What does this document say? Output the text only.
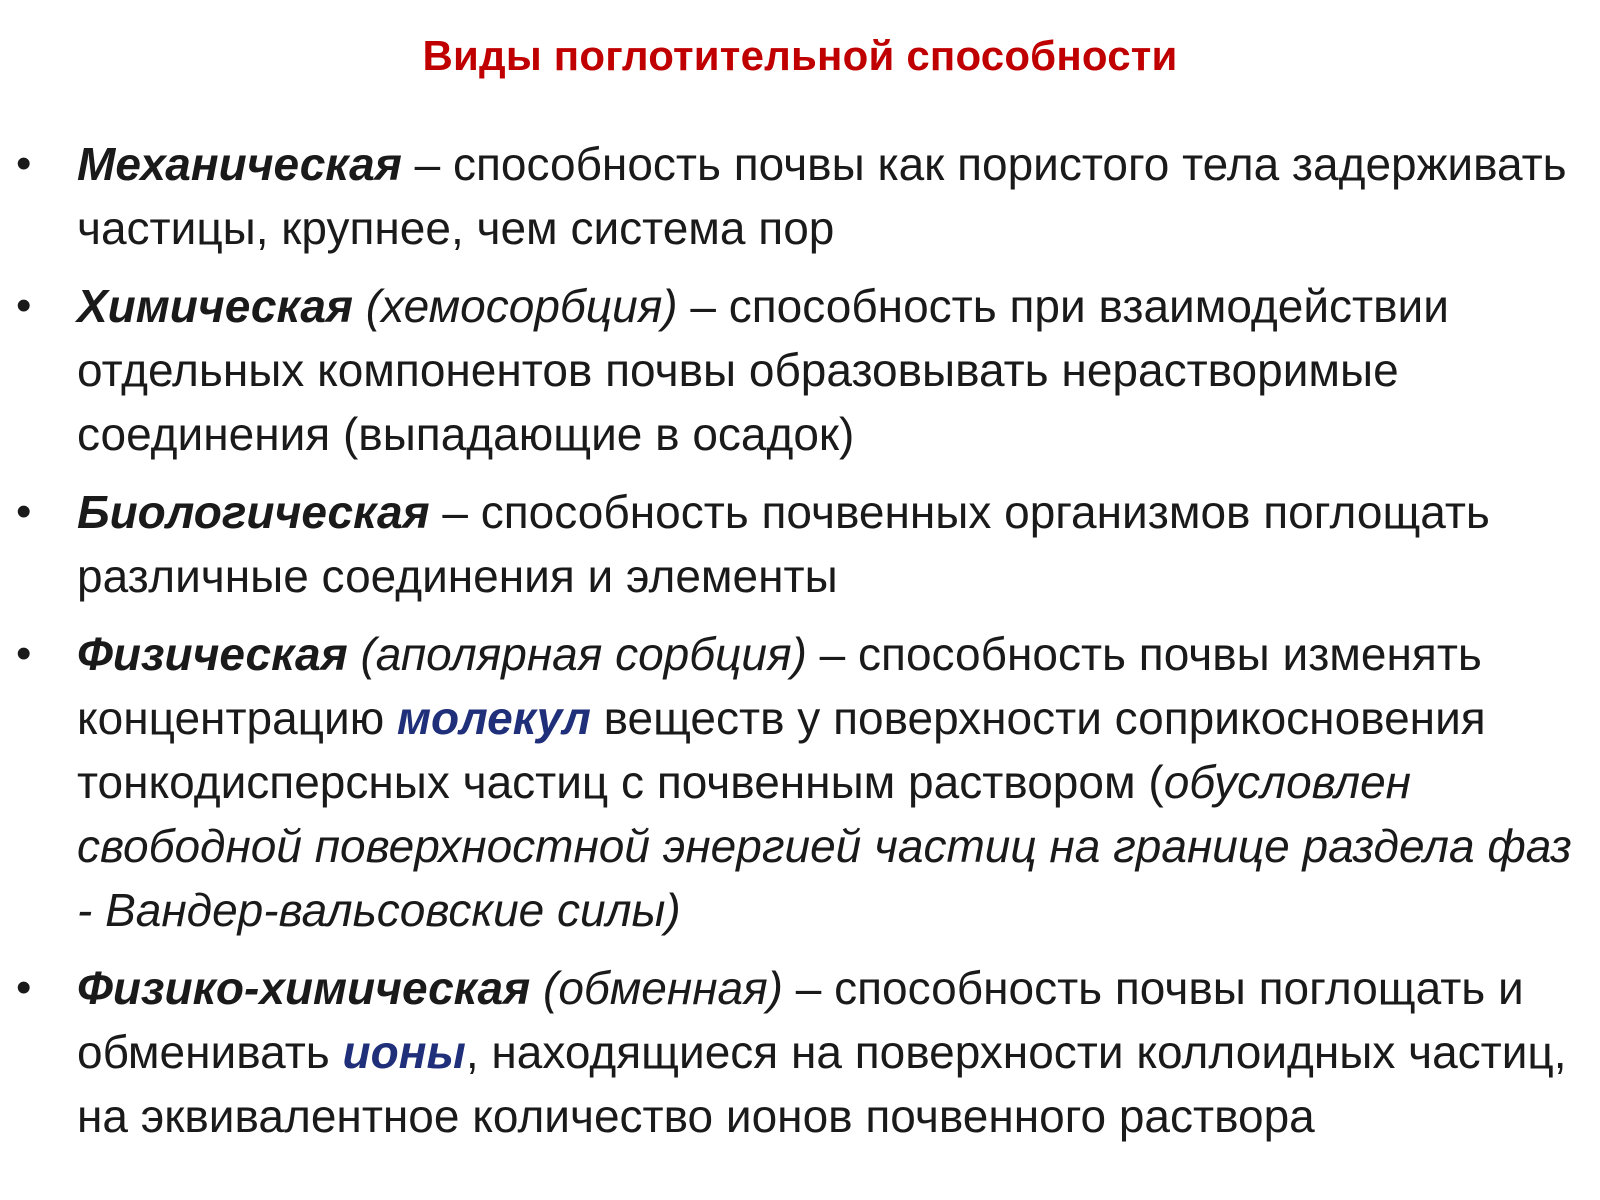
Виды поглотительной способности
• Механическая – способность почвы как пористого тела задерживать частицы, крупнее, чем система пор
• Химическая (хемосорбция) – способность при взаимодействии отдельных компонентов почвы образовывать нерастворимые соединения (выпадающие в осадок)
• Биологическая – способность почвенных организмов поглощать различные соединения и элементы
• Физическая (аполярная сорбция) – способность почвы изменять концентрацию молекул веществ у поверхности соприкосновения тонкодисперсных частиц с почвенным раствором (обусловлен свободной поверхностной энергией частиц на границе раздела фаз - Вандер-вальсовские силы)
• Физико-химическая (обменная) – способность почвы поглощать и обменивать ионы, находящиеся на поверхности коллоидных частиц, на эквивалентное количество ионов почвенного раствора
